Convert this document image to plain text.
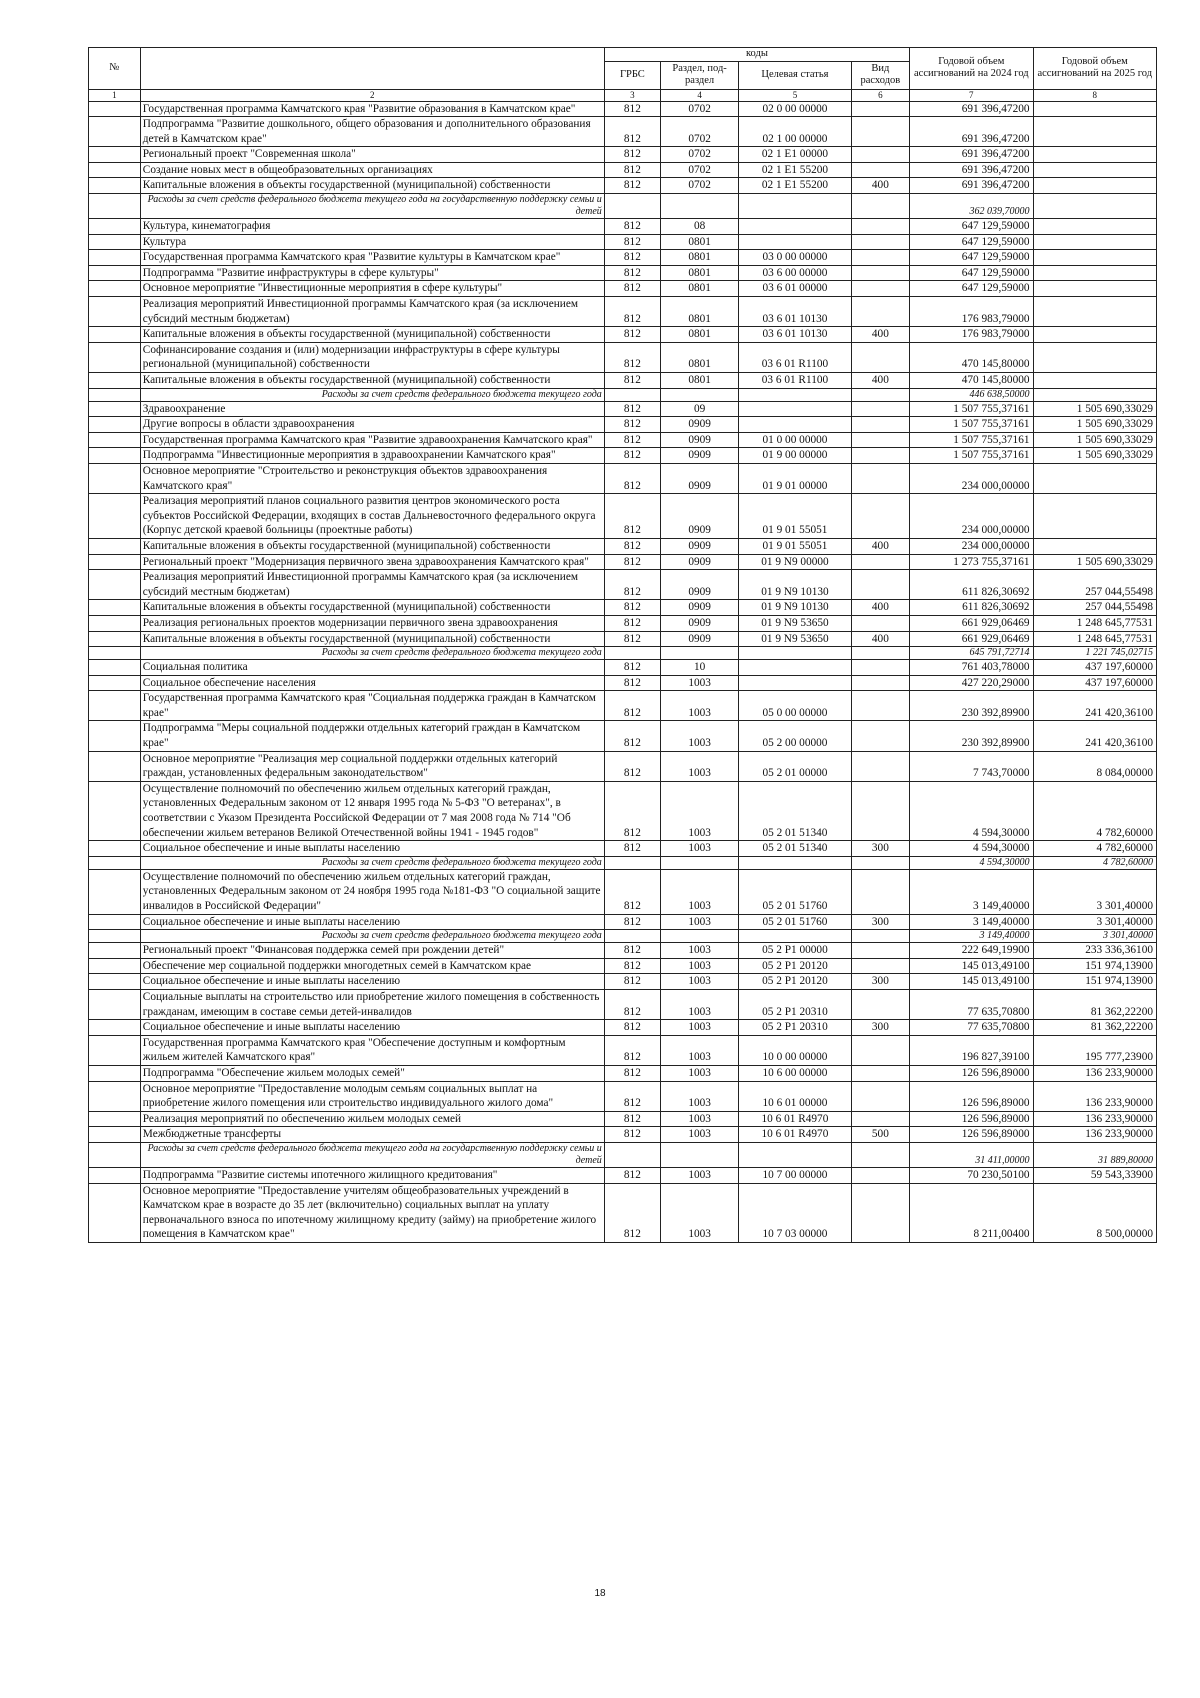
№		коды				Годовой объем ассигнований на 2024 год	Годовой объем ассигнований на 2025 год
		ГРБС	Раздел, под-раздел	Целевая статья	Вид расходов		
1	2	3	4	5	6	7	8
	Государственная программа Камчатского края "Развитие образования в Камчатском крае"	812	0702	02 0 00 00000		691 396,47200	
	Подпрограмма "Развитие дошкольного, общего образования и дополнительного образования детей в Камчатском крае"	812	0702	02 1 00 00000		691 396,47200	
	Региональный проект "Современная школа"	812	0702	02 1 E1 00000		691 396,47200	
	Создание новых мест в общеобразовательных организациях	812	0702	02 1 E1 55200		691 396,47200	
	Капитальные вложения в объекты государственной (муниципальной) собственности	812	0702	02 1 E1 55200	400	691 396,47200	
	Расходы за счет средств федерального бюджета текущего года на государственную поддержку семьи и детей					362 039,70000	
	Культура, кинематография	812	08			647 129,59000	
	Культура	812	0801			647 129,59000	
	Государственная программа Камчатского края "Развитие культуры в Камчатском крае"	812	0801	03 0 00 00000		647 129,59000	
	Подпрограмма "Развитие инфраструктуры в сфере культуры"	812	0801	03 6 00 00000		647 129,59000	
	Основное мероприятие "Инвестиционные мероприятия в сфере культуры"	812	0801	03 6 01 00000		647 129,59000	
	Реализация мероприятий Инвестиционной программы Камчатского края (за исключением субсидий местным бюджетам)	812	0801	03 6 01 10130		176 983,79000	
	Капитальные вложения в объекты государственной (муниципальной) собственности	812	0801	03 6 01 10130	400	176 983,79000	
	Софинансирование создания и (или) модернизации инфраструктуры в сфере культуры региональной (муниципальной) собственности	812	0801	03 6 01 R1100		470 145,80000	
	Капитальные вложения в объекты государственной (муниципальной) собственности	812	0801	03 6 01 R1100	400	470 145,80000	
	Расходы за счет средств федерального бюджета текущего года					446 638,50000	
	Здравоохранение	812	09			1 507 755,37161	1 505 690,33029
	Другие вопросы в области здравоохранения	812	0909			1 507 755,37161	1 505 690,33029
	Государственная программа Камчатского края "Развитие здравоохранения Камчатского края"	812	0909	01 0 00 00000		1 507 755,37161	1 505 690,33029
	Подпрограмма "Инвестиционные мероприятия в здравоохранении Камчатского края"	812	0909	01 9 00 00000		1 507 755,37161	1 505 690,33029
	Основное мероприятие "Строительство и реконструкция объектов здравоохранения Камчатского края"	812	0909	01 9 01 00000		234 000,00000	
	Реализация мероприятий планов социального развития центров экономического роста субъектов Российской Федерации, входящих в состав Дальневосточного федерального округа (Корпус детской краевой больницы (проектные работы)	812	0909	01 9 01 55051		234 000,00000	
	Капитальные вложения в объекты государственной (муниципальной) собственности	812	0909	01 9 01 55051	400	234 000,00000	
	Региональный проект "Модернизация первичного звена здравоохранения Камчатского края"	812	0909	01 9 N9 00000		1 273 755,37161	1 505 690,33029
	Реализация мероприятий Инвестиционной программы Камчатского края (за исключением субсидий местным бюджетам)	812	0909	01 9 N9 10130		611 826,30692	257 044,55498
	Капитальные вложения в объекты государственной (муниципальной) собственности	812	0909	01 9 N9 10130	400	611 826,30692	257 044,55498
	Реализация региональных проектов модернизации первичного звена здравоохранения	812	0909	01 9 N9 53650		661 929,06469	1 248 645,77531
	Капитальные вложения в объекты государственной (муниципальной) собственности	812	0909	01 9 N9 53650	400	661 929,06469	1 248 645,77531
	Расходы за счет средств федерального бюджета текущего года					645 791,72714	1 221 745,02715
	Социальная политика	812	10			761 403,78000	437 197,60000
	Социальное обеспечение населения	812	1003			427 220,29000	437 197,60000
	Государственная программа Камчатского края "Социальная поддержка граждан в Камчатском крае"	812	1003	05 0 00 00000		230 392,89900	241 420,36100
	Подпрограмма "Меры социальной поддержки отдельных категорий граждан в Камчатском крае"	812	1003	05 2 00 00000		230 392,89900	241 420,36100
	Основное мероприятие "Реализация мер социальной поддержки отдельных категорий граждан, установленных федеральным законодательством"	812	1003	05 2 01 00000		7 743,70000	8 084,00000
	Осуществление полномочий по обеспечению жильем отдельных категорий граждан, установленных Федеральным законом от 12 января 1995 года № 5-ФЗ "О ветеранах", в соответствии с Указом Президента Российской Федерации от 7 мая 2008 года № 714 "Об обеспечении жильем ветеранов Великой Отечественной войны 1941 - 1945 годов"	812	1003	05 2 01 51340		4 594,30000	4 782,60000
	Социальное обеспечение и иные выплаты населению	812	1003	05 2 01 51340	300	4 594,30000	4 782,60000
	Расходы за счет средств федерального бюджета текущего года					4 594,30000	4 782,60000
	Осуществление полномочий по обеспечению жильем отдельных категорий граждан, установленных Федеральным законом от 24 ноября 1995 года №181-ФЗ "О социальной защите инвалидов в Российской Федерации"	812	1003	05 2 01 51760		3 149,40000	3 301,40000
	Социальное обеспечение и иные выплаты населению	812	1003	05 2 01 51760	300	3 149,40000	3 301,40000
	Расходы за счет средств федерального бюджета текущего года					3 149,40000	3 301,40000
	Региональный проект "Финансовая поддержка семей при рождении детей"	812	1003	05 2 P1 00000		222 649,19900	233 336,36100
	Обеспечение мер социальной поддержки многодетных семей в Камчатском крае	812	1003	05 2 P1 20120		145 013,49100	151 974,13900
	Социальное обеспечение и иные выплаты населению	812	1003	05 2 P1 20120	300	145 013,49100	151 974,13900
	Социальные выплаты на строительство или приобретение жилого помещения в собственность гражданам, имеющим в составе семьи детей-инвалидов	812	1003	05 2 P1 20310		77 635,70800	81 362,22200
	Социальное обеспечение и иные выплаты населению	812	1003	05 2 P1 20310	300	77 635,70800	81 362,22200
	Государственная программа Камчатского края "Обеспечение доступным и комфортным жильем жителей Камчатского края"	812	1003	10 0 00 00000		196 827,39100	195 777,23900
	Подпрограмма "Обеспечение жильем молодых семей"	812	1003	10 6 00 00000		126 596,89000	136 233,90000
	Основное мероприятие "Предоставление молодым семьям социальных выплат на приобретение жилого помещения или строительство индивидуального жилого дома"	812	1003	10 6 01 00000		126 596,89000	136 233,90000
	Реализация мероприятий по обеспечению жильем молодых семей	812	1003	10 6 01 R4970		126 596,89000	136 233,90000
	Межбюджетные трансферты	812	1003	10 6 01 R4970	500	126 596,89000	136 233,90000
	Расходы за счет средств федерального бюджета текущего года на государственную поддержку семьи и детей					31 411,00000	31 889,80000
	Подпрограмма "Развитие системы ипотечного жилищного кредитования"	812	1003	10 7 00 00000		70 230,50100	59 543,33900
	Основное мероприятие "Предоставление учителям общеобразовательных учреждений в Камчатском крае в возрасте до 35 лет (включительно) социальных выплат на уплату первоначального взноса по ипотечному жилищному кредиту (займу) на приобретение жилого помещения в Камчатском крае"	812	1003	10 7 03 00000		8 211,00400	8 500,00000
18
